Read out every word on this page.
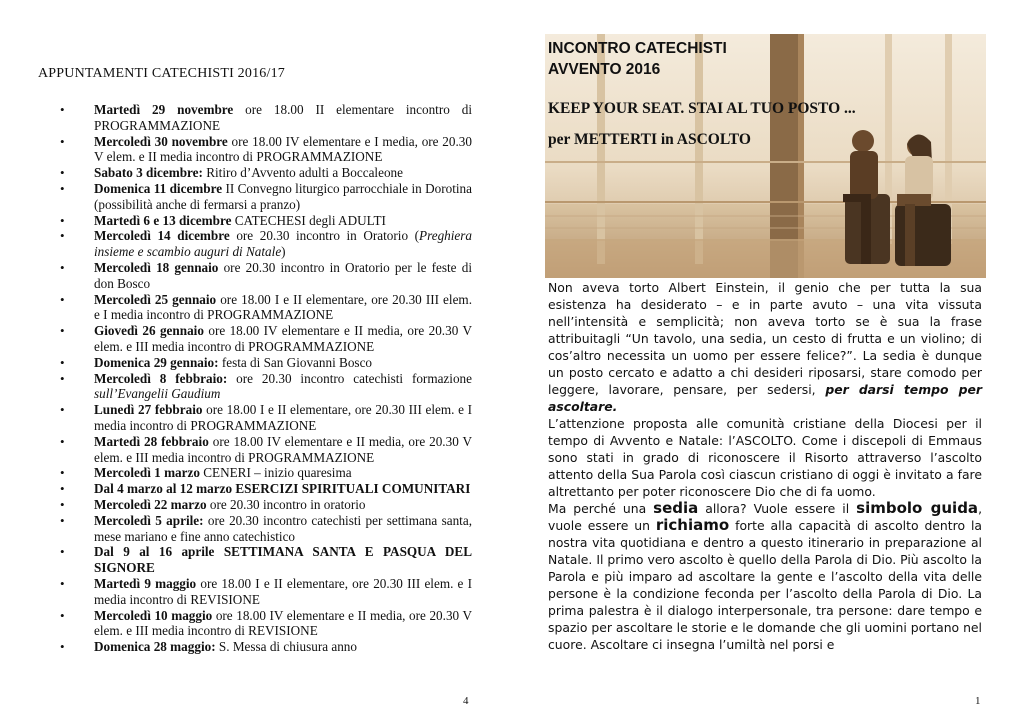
APPUNTAMENTI CATECHISTI 2016/17
• Martedì 29 novembre ore 18.00 II elementare incontro di PROGRAMMAZIONE
• Mercoledì 30 novembre ore 18.00 IV elementare e I media, ore 20.30 V elem. e II media incontro di PROGRAMMAZIONE
• Sabato 3 dicembre: Ritiro d’Avvento adulti a Boccaleone
• Domenica 11 dicembre II Convegno liturgico parrocchiale in Dorotina (possibilità anche di fermarsi a pranzo)
• Martedì 6 e 13 dicembre CATECHESI degli ADULTI
• Mercoledì 14 dicembre ore 20.30 incontro in Oratorio (Preghiera insieme e scambio auguri di Natale)
• Mercoledì 18 gennaio ore 20.30 incontro in Oratorio per le feste di don Bosco
• Mercoledì 25 gennaio ore 18.00 I e II elementare, ore 20.30 III elem. e I media incontro di PROGRAMMAZIONE
• Giovedì 26 gennaio ore 18.00 IV elementare e II media, ore 20.30 V elem. e III media incontro di PROGRAMMAZIONE
• Domenica 29 gennaio: festa di San Giovanni Bosco
• Mercoledì 8 febbraio: ore 20.30 incontro catechisti formazione sull’Evangelii Gaudium
• Lunedì 27 febbraio ore 18.00 I e II elementare, ore 20.30 III elem. e I media incontro di PROGRAMMAZIONE
• Martedì 28 febbraio ore 18.00 IV elementare e II media, ore 20.30 V elem. e III media incontro di PROGRAMMAZIONE
• Mercoledì 1 marzo CENERI – inizio quaresima
• Dal 4 marzo al 12 marzo ESERCIZI SPIRITUALI COMUNITARI
• Mercoledì 22 marzo ore 20.30 incontro in oratorio
• Mercoledì 5 aprile: ore 20.30 incontro catechisti per settimana santa, mese mariano e fine anno catechistico
• Dal 9 al 16 aprile SETTIMANA SANTA E PASQUA DEL SIGNORE
• Martedì 9 maggio ore 18.00 I e II elementare, ore 20.30 III elem. e I media incontro di REVISIONE
• Mercoledì 10 maggio ore 18.00 IV elementare e II media, ore 20.30 V elem. e III media incontro di REVISIONE
• Domenica 28 maggio: S. Messa di chiusura anno
4
INCONTRO CATECHISTI
AVVENTO 2016
KEEP YOUR SEAT. STAI AL TUO POSTO ...
per METTERTI in ASCOLTO

Non aveva torto Albert Einstein, il genio che per tutta la sua esistenza ha desiderato – e in parte avuto – una vita vissuta nell’intensità e semplicità; non aveva torto se è sua la frase attribuitagli “Un tavolo, una sedia, un cesto di frutta e un violino; di cos’altro necessita un uomo per essere felice?”. La sedia è dunque un posto cercato e adatto a chi desideri riposarsi, stare comodo per leggere, lavorare, pensare, per sedersi, per darsi tempo per ascoltare.

L’attenzione proposta alle comunità cristiane della Diocesi per il tempo di Avvento e Natale: l’ASCOLTO. Come i discepoli di Emmaus sono stati in grado di riconoscere il Risorto attraverso l’ascolto attento della Sua Parola così ciascun cristiano di oggi è invitato a fare altrettanto per poter riconoscere Dio che di fa uomo.

Ma perché una sedia allora? Vuole essere il simbolo guida, vuole essere un richiamo forte alla capacità di ascolto dentro la nostra vita quotidiana e dentro a questo itinerario in preparazione al Natale. Il primo vero ascolto è quello della Parola di Dio. Più ascolto la Parola e più imparo ad ascoltare la gente e l’ascolto della vita delle persone è la condizione feconda per l’ascolto della Parola di Dio. La prima palestra è il dialogo interpersonale, tra persone: dare tempo e spazio per ascoltare le storie e le domande che gli uomini portano nel cuore. Ascoltare ci insegna l’umiltà nel porsi e

1
